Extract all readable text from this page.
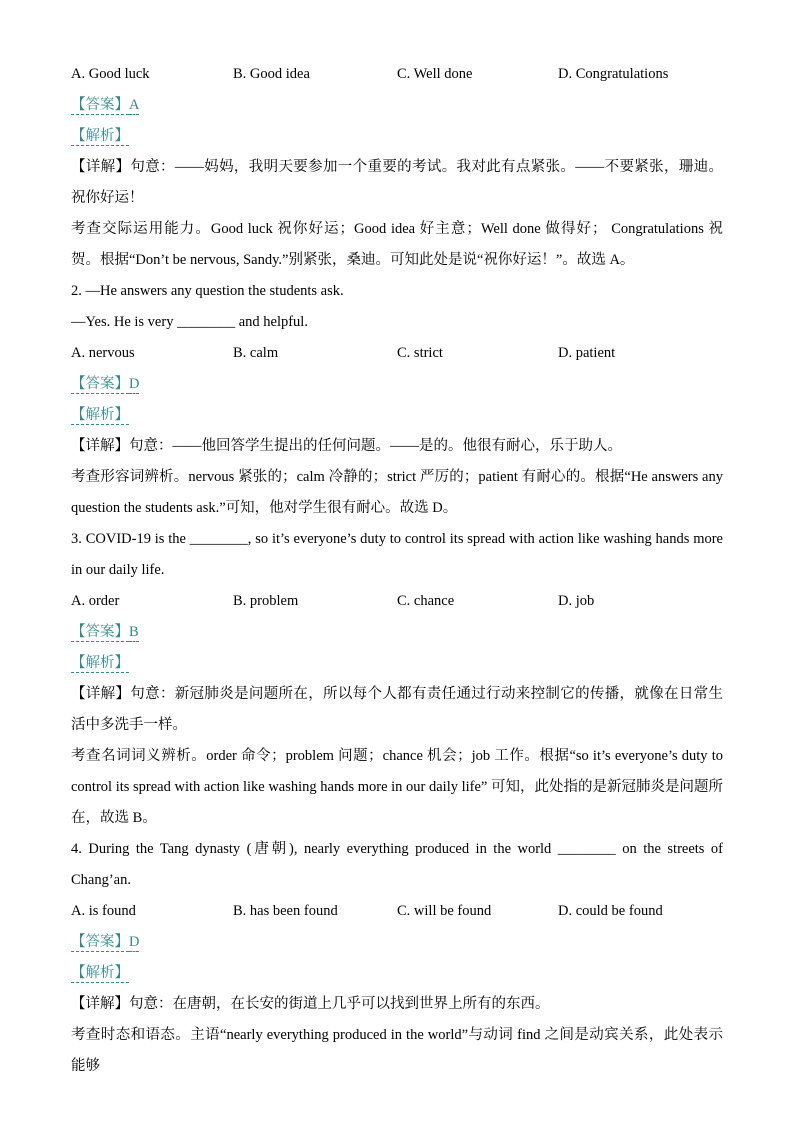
A. Good luck	B. Good idea	C. Well done	D. Congratulations

【答案】A

【解析】

【详解】句意：——妈妈，我明天要参加一个重要的考试。我对此有点紧张。——不要紧张，珊迪。祝你好运！

考查交际运用能力。Good luck 祝你好运；Good idea 好主意；Well done 做得好； Congratulations 祝贺。根据“Don’t be nervous, Sandy.”别紧张，桑迪。可知此处是说“祝你好运！”。故选 A。

2. —He answers any question the students ask.

—Yes. He is very ________ and helpful.

A. nervous	B. calm	C. strict	D. patient

【答案】D

【解析】

【详解】句意：——他回答学生提出的任何问题。——是的。他很有耐心，乐于助人。

考查形容词辨析。nervous 紧张的；calm 冷静的；strict 严厉的；patient 有耐心的。根据“He answers any question the students ask.”可知，他对学生很有耐心。故选 D。

3. COVID-19 is the ________, so it’s everyone’s duty to control its spread with action like washing hands more in our daily life.

A. order	B. problem	C. chance	D. job

【答案】B

【解析】

【详解】句意：新冠肺炎是问题所在，所以每个人都有责任通过行动来控制它的传播，就像在日常生活中多洗手一样。

考查名词词义辨析。order 命令；problem 问题；chance 机会；job 工作。根据“so it’s everyone’s duty to control its spread with action like washing hands more in our daily life” 可知，此处指的是新冠肺炎是问题所在，故选 B。

4. During the Tang dynasty (唐朝), nearly everything produced in the world ________ on the streets of Chang’an.

A. is found	B. has been found	C. will be found	D. could be found

【答案】D

【解析】

【详解】句意：在唐朝，在长安的街道上几乎可以找到世界上所有的东西。

考查时态和语态。主语“nearly everything produced in the world”与动词 find 之间是动宾关系，此处表示能够
